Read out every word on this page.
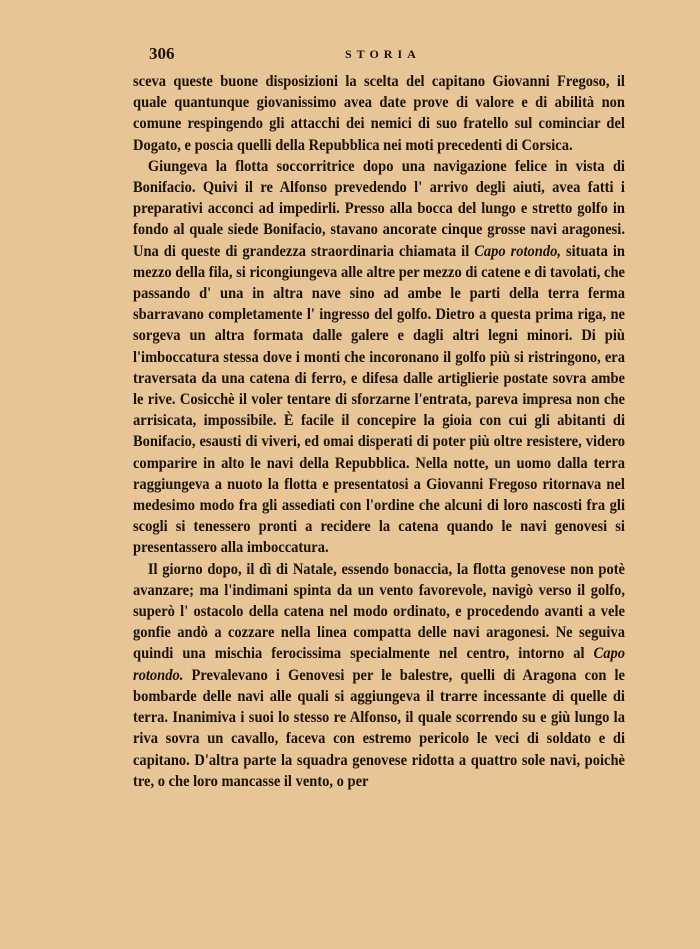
306	STORIA

sceva queste buone disposizioni la scelta del capitano Giovanni Fregoso, il quale quantunque giovanissimo avea date prove di valore e di abilità non comune respingendo gli attacchi dei nemici di suo fratello sul cominciar del Dogato, e poscia quelli della Repubblica nei moti precedenti di Corsica.

Giungeva la flotta soccorritrice dopo una navigazione felice in vista di Bonifacio. Quivi il re Alfonso prevedendo l' arrivo degli aiuti, avea fatti i preparativi acconci ad impedirli. Presso alla bocca del lungo e stretto golfo in fondo al quale siede Bonifacio, stavano ancorate cinque grosse navi aragonesi. Una di queste di grandezza straordinaria chiamata il Capo rotondo, situata in mezzo della fila, si ricongiungeva alle altre per mezzo di catene e di tavolati, che passando d' una in altra nave sino ad ambe le parti della terra ferma sbarravano completamente l' ingresso del golfo. Dietro a questa prima riga, ne sorgeva un altra formata dalle galere e dagli altri legni minori. Di più l'imboccatura stessa dove i monti che incoronano il golfo più si ristringono, era traversata da una catena di ferro, e difesa dalle artiglierie postate sovra ambe le rive. Cosicchè il voler tentare di sforzarne l'entrata, pareva impresa non che arrisicata, impossibile. È facile il concepire la gioia con cui gli abitanti di Bonifacio, esausti di viveri, ed omai disperati di poter più oltre resistere, videro comparire in alto le navi della Repubblica. Nella notte, un uomo dalla terra raggiungeva a nuoto la flotta e presentatosi a Giovanni Fregoso ritornava nel medesimo modo fra gli assediati con l'ordine che alcuni di loro nascosti fra gli scogli si tenessero pronti a recidere la catena quando le navi genovesi si presentassero alla imboccatura.

Il giorno dopo, il dì di Natale, essendo bonaccia, la flotta genovese non potè avanzare; ma l'indimani spinta da un vento favorevole, navigò verso il golfo, superò l' ostacolo della catena nel modo ordinato, e procedendo avanti a vele gonfie andò a cozzare nella linea compatta delle navi aragonesi. Ne seguiva quindi una mischia ferocissima specialmente nel centro, intorno al Capo rotondo. Prevalevano i Genovesi per le balestre, quelli di Aragona con le bombarde delle navi alle quali si aggiungeva il trarre incessante di quelle di terra. Inanimiva i suoi lo stesso re Alfonso, il quale scorrendo su e giù lungo la riva sovra un cavallo, faceva con estremo pericolo le veci di soldato e di capitano. D'altra parte la squadra genovese ridotta a quattro sole navi, poichè tre, o che loro mancasse il vento, o per
